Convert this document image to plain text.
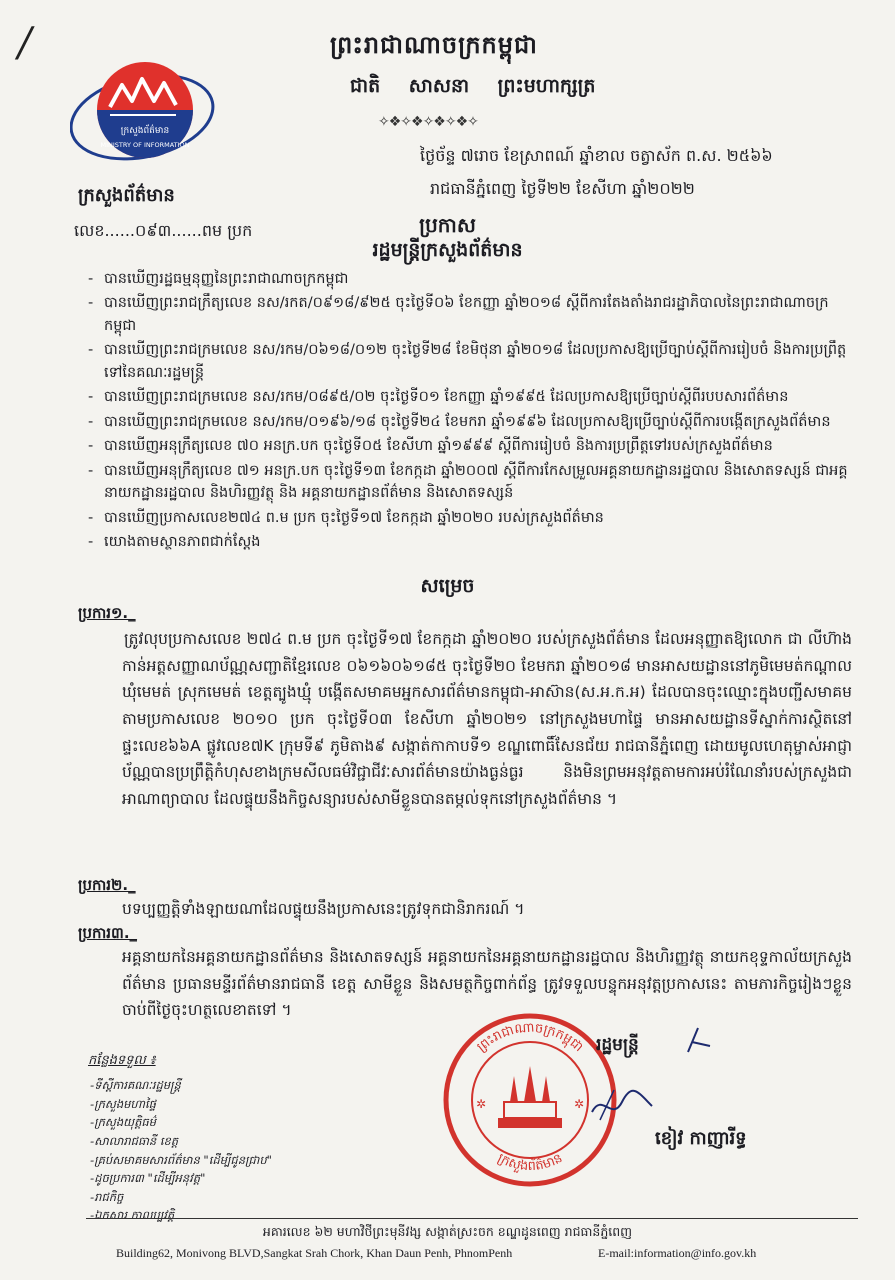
/	ព្រះរាជាណាចក្រកម្ពុជា
ជាតិ សាសនា ព្រះមហាក្សត្រ
✧❖✧❖✧❖✧❖✧
ក្រសួងព័ត៌មាន
MINISTRY OF INFORMATION
ក្រសួងព័ត៌មាន
លេខ......០៩៣......ពម ប្រក
ថ្ងៃច័ន្ទ ៧រោច ខែស្រាពណ៍ ឆ្នាំខាល ចត្វាស័ក ព.ស. ២៥៦៦
រាជធានីភ្នំពេញ ថ្ងៃទី២២ ខែសីហា ឆ្នាំ២០២២
ប្រកាស
រដ្ឋមន្ត្រីក្រសួងព័ត៌មាន
- បានឃើញរដ្ឋធម្មនុញ្ញនៃព្រះរាជាណាចក្រកម្ពុជា
- បានឃើញព្រះរាជក្រឹត្យលេខ នស/រកត/០៩១៨/៩២៥ ចុះថ្ងៃទី០៦ ខែកញ្ញា ឆ្នាំ២០១៨ ស្តីពីការតែងតាំងរាជរដ្ឋាភិបាលនៃព្រះរាជាណាចក្រកម្ពុជា
- បានឃើញព្រះរាជក្រមលេខ នស/រកម/០៦១៨/០១២ ចុះថ្ងៃទី២៨ ខែមិថុនា ឆ្នាំ២០១៨ ដែលប្រកាសឱ្យប្រើច្បាប់ស្តីពីការរៀបចំ និងការប្រព្រឹត្តទៅនៃគណៈរដ្ឋមន្ត្រី
- បានឃើញព្រះរាជក្រមលេខ នស/រកម/០៨៩៥/០២ ចុះថ្ងៃទី០១ ខែកញ្ញា ឆ្នាំ១៩៩៥ ដែលប្រកាសឱ្យប្រើច្បាប់ស្តីពីរបបសារព័ត៌មាន
- បានឃើញព្រះរាជក្រមលេខ នស/រកម/០១៩៦/១៨ ចុះថ្ងៃទី២៤ ខែមករា ឆ្នាំ១៩៩៦ ដែលប្រកាសឱ្យប្រើច្បាប់ស្តីពីការបង្កើតក្រសួងព័ត៌មាន
- បានឃើញអនុក្រឹត្យលេខ ៧០ អនក្រ.បក ចុះថ្ងៃទី០៥ ខែសីហា ឆ្នាំ១៩៩៩ ស្តីពីការរៀបចំ និងការប្រព្រឹត្តទៅរបស់ក្រសួងព័ត៌មាន
- បានឃើញអនុក្រឹត្យលេខ ៧១ អនក្រ.បក ចុះថ្ងៃទី១៣ ខែកក្កដា ឆ្នាំ២០០៧ ស្តីពីការកែសម្រួលអគ្គនាយកដ្ឋានរដ្ឋបាល និងសោតទស្សន៍ ជាអគ្គនាយកដ្ឋានរដ្ឋបាល និងហិរញ្ញវត្ថុ និង អគ្គនាយកដ្ឋានព័ត៌មាន និងសោតទស្សន៍
- បានឃើញប្រកាសលេខ២៧៤ ព.ម ប្រក ចុះថ្ងៃទី១៧ ខែកក្កដា ឆ្នាំ២០២០ របស់ក្រសួងព័ត៌មាន
- យោងតាមស្ថានភាពជាក់ស្តែង
សម្រេច
ប្រការ១._
ត្រូវលុបប្រកាសលេខ ២៧៤ ព.ម ប្រក ចុះថ្ងៃទី១៧ ខែកក្កដា ឆ្នាំ២០២០ របស់ក្រសួងព័ត៌មាន ដែលអនុញ្ញាតឱ្យលោក ជា លីហ៊ាង កាន់អត្តសញ្ញាណប័ណ្ណសញ្ជាតិខ្មែរលេខ ០៦១៦០៦១៨៥ ចុះថ្ងៃទី២០ ខែមករា ឆ្នាំ២០១៨ មានអាសយដ្ឋាននៅភូមិមេមត់កណ្តាល ឃុំមេមត់ ស្រុកមេមត់ ខេត្តត្បូងឃ្មុំ បង្កើតសមាគមអ្នកសារព័ត៌មានកម្ពុជា-អាស៊ាន(ស.អ.ក.អ) ដែលបានចុះឈ្មោះក្នុងបញ្ជីសមាគមតាមប្រកាសលេខ ២០១០ ប្រក ចុះថ្ងៃទី០៣ ខែសីហា ឆ្នាំ២០២១ នៅក្រសួងមហាផ្ទៃ មានអាសយដ្ឋានទីស្នាក់ការស្ថិតនៅផ្ទះលេខ៦៦A ផ្លូវលេខ៧K ក្រុមទី៩ ភូមិតាង៩ សង្កាត់កាកាបទី១ ខណ្ឌពោធិ៍សែនជ័យ រាជធានីភ្នំពេញ ដោយមូលហេតុម្ចាស់អាជ្ញាប័ណ្ណបានប្រព្រឹត្តិកំហុសខាងក្រមសីលធម៌វិជ្ជាជីវៈសារព័ត៌មានយ៉ាងធ្ងន់ធ្ងរ និងមិនព្រមអនុវត្តតាមការអប់រំណែនាំរបស់ក្រសួងជាអាណាព្យាបាល ដែលផ្ទុយនឹងកិច្ចសន្យារបស់សាមីខ្លួនបានតម្កល់ទុកនៅក្រសួងព័ត៌មាន ។
ប្រការ២._
បទប្បញ្ញត្តិទាំងឡាយណាដែលផ្ទុយនឹងប្រកាសនេះត្រូវទុកជានិរាករណ៍ ។
ប្រការ៣._
អគ្គនាយកនៃអគ្គនាយកដ្ឋានព័ត៌មាន និងសោតទស្សន៍ អគ្គនាយកនៃអគ្គនាយកដ្ឋានរដ្ឋបាល និងហិរញ្ញវត្ថុ នាយកខុទ្ទកាល័យក្រសួងព័ត៌មាន ប្រធានមន្ទីរព័ត៌មានរាជធានី ខេត្ត សាមីខ្លួន និងសមត្ថកិច្ចពាក់ព័ន្ធ ត្រូវទទួលបន្ទុកអនុវត្តប្រកាសនេះ តាមភារកិច្ចរៀងៗខ្លួន ចាប់ពីថ្ងៃចុះហត្ថលេខាតទៅ ។
ព្រះរាជាណាចក្រកម្ពុជា
ក្រសួងព័ត៌មាន
✲	✲
រដ្ឋមន្ត្រី
ខៀវ កាញារីទ្ធ
កន្លែងទទួល ៖
-ទីស្តីការគណៈរដ្ឋមន្ត្រី
-ក្រសួងមហាផ្ទៃ
-ក្រសួងយុត្តិធម៌
-សាលារាជធានី ខេត្ត
-គ្រប់សមាគមសារព័ត៌មាន "ដើម្បីជូនជ្រាប"
-ដូចប្រការ៣ "ដើម្បីអនុវត្ត"
-រាជកិច្ច
-ឯកសារ កាលប្បវត្តិ
អគារលេខ ៦២ មហាវិថីព្រះមុនីវង្ស សង្កាត់ស្រះចក ខណ្ឌដូនពេញ រាជធានីភ្នំពេញ
Building62, Monivong BLVD,Sangkat Srah Chork, Khan Daun Penh, PhnomPenh	E-mail:information@info.gov.kh
